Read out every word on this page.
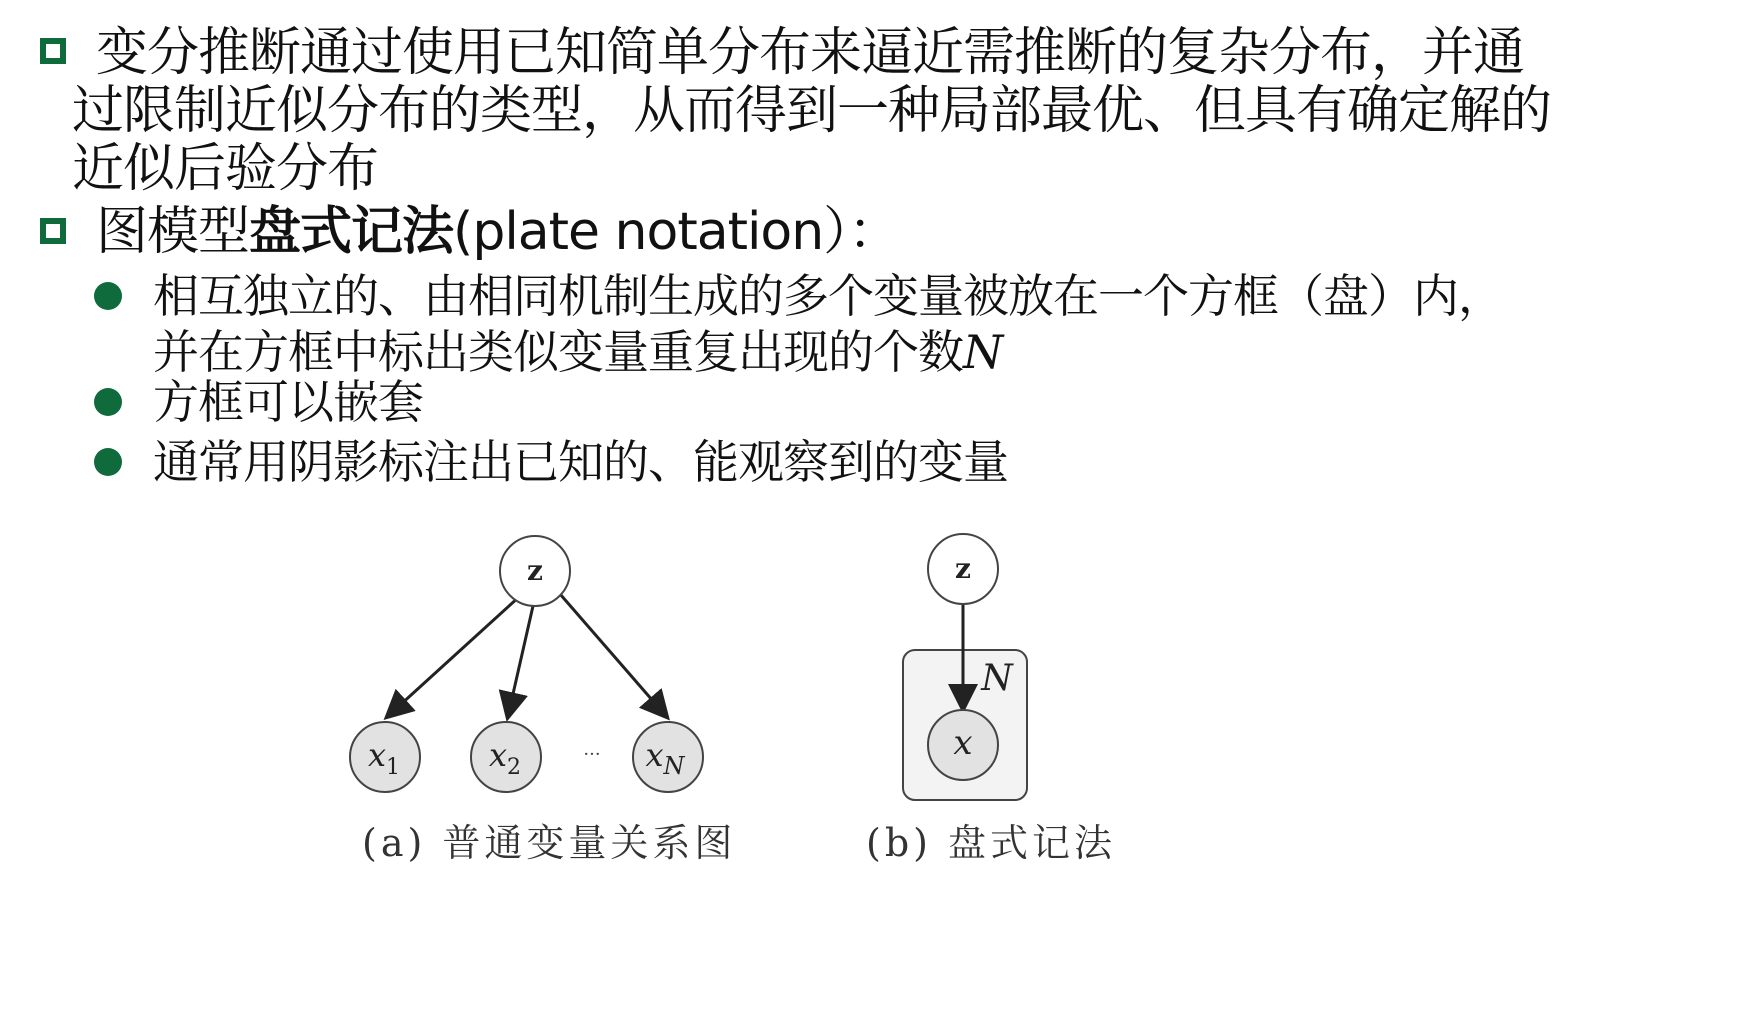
变分推断通过使用已知简单分布来逼近需推断的复杂分布，并通
过限制近似分布的类型，从而得到一种局部最优、但具有确定解的
近似后验分布
图模型盘式记法(plate notation）：
相互独立的、由相同机制生成的多个变量被放在一个方框（盘）内，
并在方框中标出类似变量重复出现的个数N
方框可以嵌套
通常用阴影标注出已知的、能观察到的变量
z
$x_1$	$x_2$
··· $x_N$
(a) 普通变量关系图
N
z
x
(b) 盘式记法
